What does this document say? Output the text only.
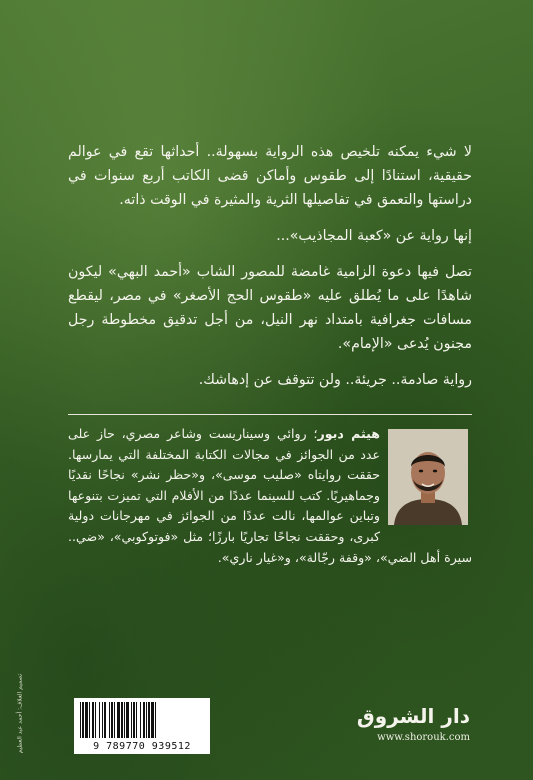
لا شيء يمكنه تلخيص هذه الرواية بسهولة.. أحداثها تقع في عوالم حقيقية، استنادًا إلى طقوس وأماكن قضى الكاتب أربع سنوات في دراستها والتعمق في تفاصيلها الثرية والمثيرة في الوقت ذاته.

إنها رواية عن «كعبة المجاذيب»...

تصل فيها دعوة الزامية غامضة للمصور الشاب «أحمد البهي» ليكون شاهدًا على ما يُطلق عليه «طقوس الحج الأصغر» في مصر، ليقطع مسافات جغرافية بامتداد نهر النيل، من أجل تدقيق مخطوطة رجل مجنون يُدعى «الإمام».

رواية صادمة.. جريئة.. ولن تتوقف عن إدهاشك.

هيثم دبور؛ روائي وسيناريست وشاعر مصري، حاز على عدد من الجوائز في مجالات الكتابة المختلفة التي يمارسها. حققت روايتاه «صليب موسى»، و«حظر نشر» نجاحًا نقديًا وجماهيريًا. كتب للسينما عددًا من الأفلام التي تميزت بتنوعها وتباين عوالمها، نالت عددًا من الجوائز في مهرجانات دولية كبرى، وحققت نجاحًا تجاريًا بارزًا؛ مثل «فوتوكوبي»، «ضي.. سيرة أهل الضي»، «وقفة رجّالة»، و«غيار ناري».
9 789770 939512
دار الشروق
www.shorouk.com
تصميم الغلاف: أحمد عبد العظيم
